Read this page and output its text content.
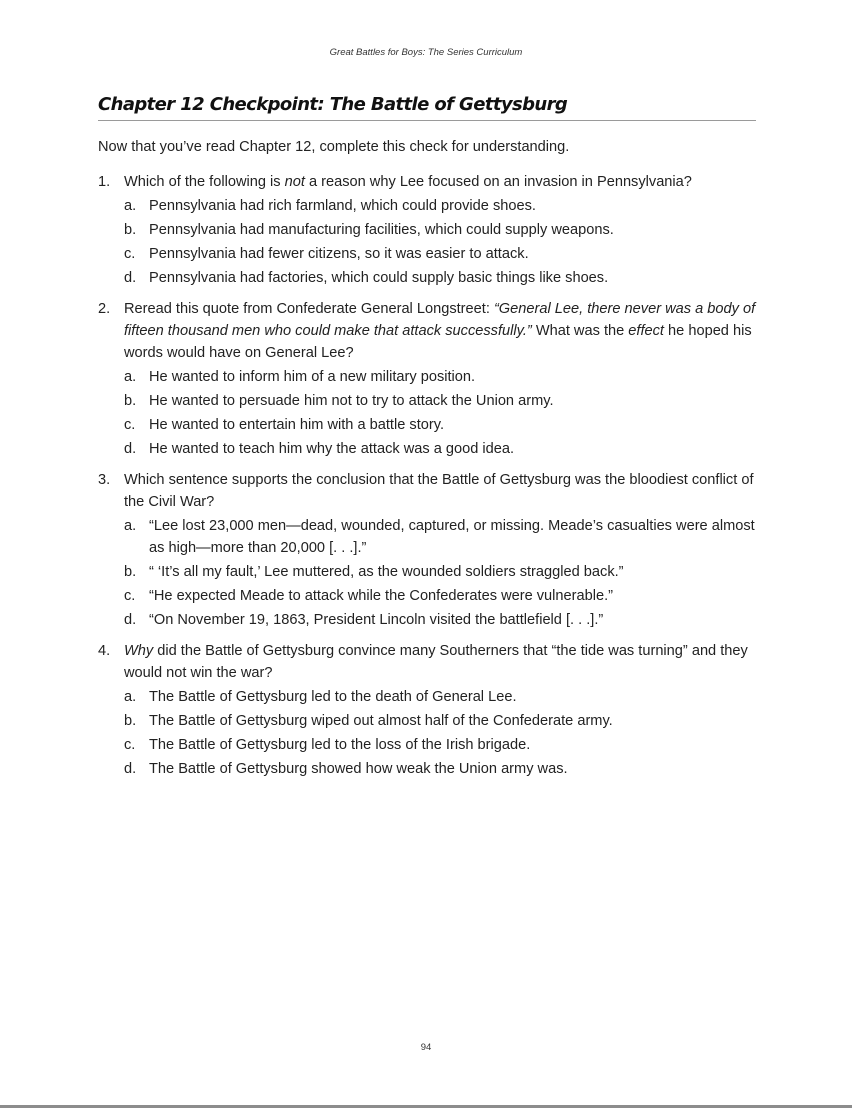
Great Battles for Boys: The Series Curriculum
Chapter 12 Checkpoint: The Battle of Gettysburg

Now that you’ve read Chapter 12, complete this check for understanding.

1. Which of the following is not a reason why Lee focused on an invasion in Pennsylvania?
a. Pennsylvania had rich farmland, which could provide shoes.
b. Pennsylvania had manufacturing facilities, which could supply weapons.
c. Pennsylvania had fewer citizens, so it was easier to attack.
d. Pennsylvania had factories, which could supply basic things like shoes.
2. Reread this quote from Confederate General Longstreet: “General Lee, there never was a body of fifteen thousand men who could make that attack successfully.” What was the effect he hoped his words would have on General Lee?
a. He wanted to inform him of a new military position.
b. He wanted to persuade him not to try to attack the Union army.
c. He wanted to entertain him with a battle story.
d. He wanted to teach him why the attack was a good idea.
3. Which sentence supports the conclusion that the Battle of Gettysburg was the bloodiest conflict of the Civil War?
a. “Lee lost 23,000 men—dead, wounded, captured, or missing. Meade’s casualties were almost as high—more than 20,000 [. . .].”
b. “ ‘It’s all my fault,’ Lee muttered, as the wounded soldiers straggled back.”
c. “He expected Meade to attack while the Confederates were vulnerable.”
d. “On November 19, 1863, President Lincoln visited the battlefield [. . .].”
4. Why did the Battle of Gettysburg convince many Southerners that “the tide was turning” and they would not win the war?
a. The Battle of Gettysburg led to the death of General Lee.
b. The Battle of Gettysburg wiped out almost half of the Confederate army.
c. The Battle of Gettysburg led to the loss of the Irish brigade.
d. The Battle of Gettysburg showed how weak the Union army was.
94
